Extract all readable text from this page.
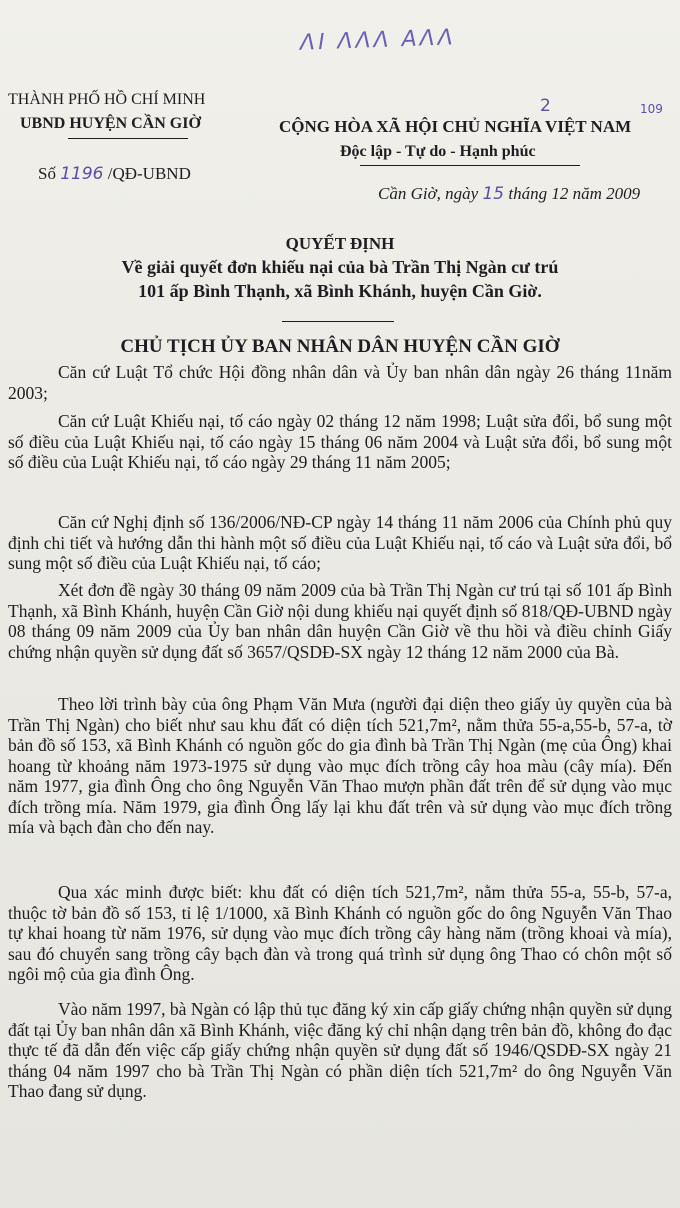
ΛΙ ΛΛΛ ΑΛΛ
THÀNH PHỐ HỒ CHÍ MINH
UBND HUYỆN CẦN GIỜ
Số 1196 /QĐ-UBND
2	109
CỘNG HÒA XÃ HỘI CHỦ NGHĨA VIỆT NAM
Độc lập - Tự do - Hạnh phúc
Cần Giờ, ngày 15 tháng 12 năm 2009
QUYẾT ĐỊNH
Về giải quyết đơn khiếu nại của bà Trần Thị Ngàn cư trú
101 ấp Bình Thạnh, xã Bình Khánh, huyện Cần Giờ.
CHỦ TỊCH ỦY BAN NHÂN DÂN HUYỆN CẦN GIỜ
Căn cứ Luật Tổ chức Hội đồng nhân dân và Ủy ban nhân dân ngày 26 tháng 11năm 2003;
Căn cứ Luật Khiếu nại, tố cáo ngày 02 tháng 12 năm 1998; Luật sửa đổi, bổ sung một số điều của Luật Khiếu nại, tố cáo ngày 15 tháng 06 năm 2004 và Luật sửa đổi, bổ sung một số điều của Luật Khiếu nại, tố cáo ngày 29 tháng 11 năm 2005;
Căn cứ Nghị định số 136/2006/NĐ-CP ngày 14 tháng 11 năm 2006 của Chính phủ quy định chi tiết và hướng dẫn thi hành một số điều của Luật Khiếu nại, tố cáo và Luật sửa đổi, bổ sung một số điều của Luật Khiếu nại, tố cáo;
Xét đơn đề ngày 30 tháng 09 năm 2009 của bà Trần Thị Ngàn cư trú tại số 101 ấp Bình Thạnh, xã Bình Khánh, huyện Cần Giờ nội dung khiếu nại quyết định số 818/QĐ-UBND ngày 08 tháng 09 năm 2009 của Ủy ban nhân dân huyện Cần Giờ về thu hồi và điều chỉnh Giấy chứng nhận quyền sử dụng đất số 3657/QSDĐ-SX ngày 12 tháng 12 năm 2000 của Bà.
Theo lời trình bày của ông Phạm Văn Mưa (người đại diện theo giấy ủy quyền của bà Trần Thị Ngàn) cho biết như sau khu đất có diện tích 521,7m², nằm thửa 55-a,55-b, 57-a, tờ bản đồ số 153, xã Bình Khánh có nguồn gốc do gia đình bà Trần Thị Ngàn (mẹ của Ông) khai hoang từ khoảng năm 1973-1975 sử dụng vào mục đích trồng cây hoa màu (cây mía). Đến năm 1977, gia đình Ông cho ông Nguyễn Văn Thao mượn phần đất trên để sử dụng vào mục đích trồng mía. Năm 1979, gia đình Ông lấy lại khu đất trên và sử dụng vào mục đích trồng mía và bạch đàn cho đến nay.
Qua xác minh được biết: khu đất có diện tích 521,7m², nằm thửa 55-a, 55-b, 57-a, thuộc tờ bản đồ số 153, tỉ lệ 1/1000, xã Bình Khánh có nguồn gốc do ông Nguyễn Văn Thao tự khai hoang từ năm 1976, sử dụng vào mục đích trồng cây hàng năm (trồng khoai và mía), sau đó chuyển sang trồng cây bạch đàn và trong quá trình sử dụng ông Thao có chôn một số ngôi mộ của gia đình Ông.
Vào năm 1997, bà Ngàn có lập thủ tục đăng ký xin cấp giấy chứng nhận quyền sử dụng đất tại Ủy ban nhân dân xã Bình Khánh, việc đăng ký chỉ nhận dạng trên bản đồ, không đo đạc thực tế đã dẫn đến việc cấp giấy chứng nhận quyền sử dụng đất số 1946/QSDĐ-SX ngày 21 tháng 04 năm 1997 cho bà Trần Thị Ngàn có phần diện tích 521,7m² do ông Nguyễn Văn Thao đang sử dụng.
